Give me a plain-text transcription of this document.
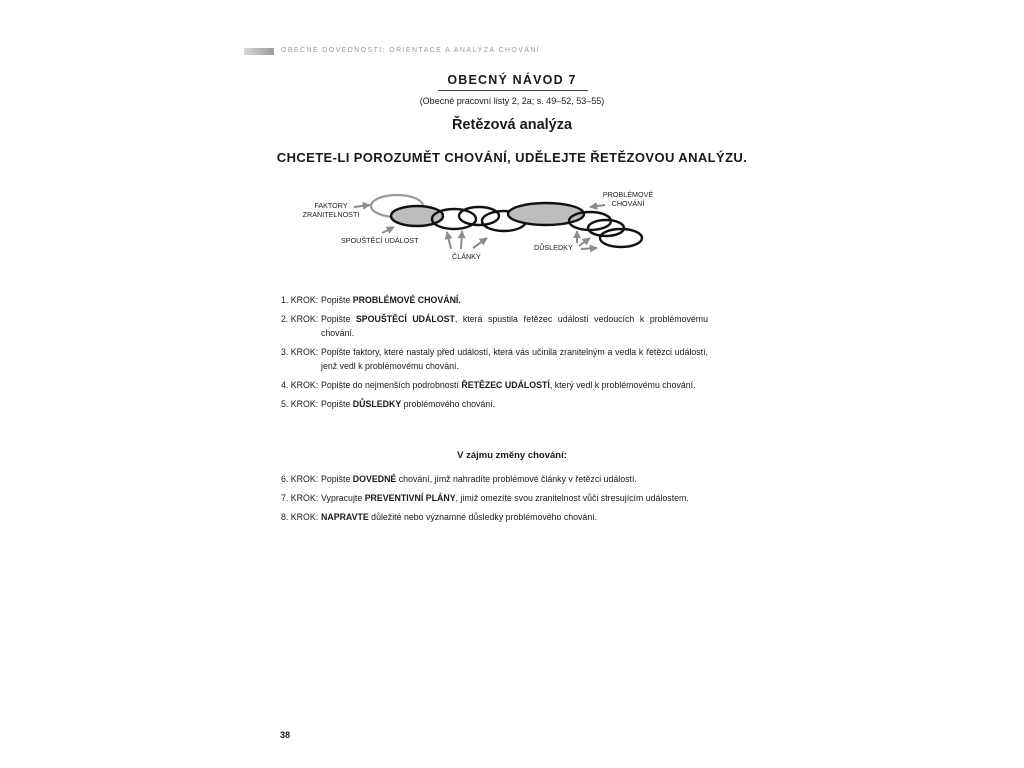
OBECNÉ DOVEDNOSTI: ORIENTACE A ANALÝZA CHOVÁNÍ
OBECNÝ NÁVOD 7
(Obecné pracovní listy 2, 2a; s. 49–52, 53–55)
Řetězová analýza
CHCETE-LI POROZUMĚT CHOVÁNÍ, UDĚLEJTE ŘETĚZOVOU ANALÝZU.
FAKTORY
ZRANITELNOSTI
SPOUŠTĚCÍ UDÁLOST
ČLÁNKY
DŮSLEDKY
PROBLÉMOVÉ
CHOVÁNÍ
1. KROK: Popište PROBLÉMOVÉ CHOVÁNÍ.
2. KROK: Popište SPOUŠTĚCÍ UDÁLOST, která spustila řetězec událostí vedoucích k problémovému chování.
3. KROK: Popište faktory, které nastaly před událostí, která vás učinila zranitelným a vedla k řetězci událostí, jenž vedl k problémovému chování.
4. KROK: Popište do nejmenších podrobností ŘETĚZEC UDÁLOSTÍ, který vedl k problémovému chování.
5. KROK: Popište DŮSLEDKY problémového chování.
V zájmu změny chování:
6. KROK: Popište DOVEDNÉ chování, jímž nahradíte problémové články v řetězci událostí.
7. KROK: Vypracujte PREVENTIVNÍ PLÁNY, jimiž omezíte svou zranitelnost vůči stresujícím událostem.
8. KROK: NAPRAVTE důležité nebo významné důsledky problémového chování.
38
